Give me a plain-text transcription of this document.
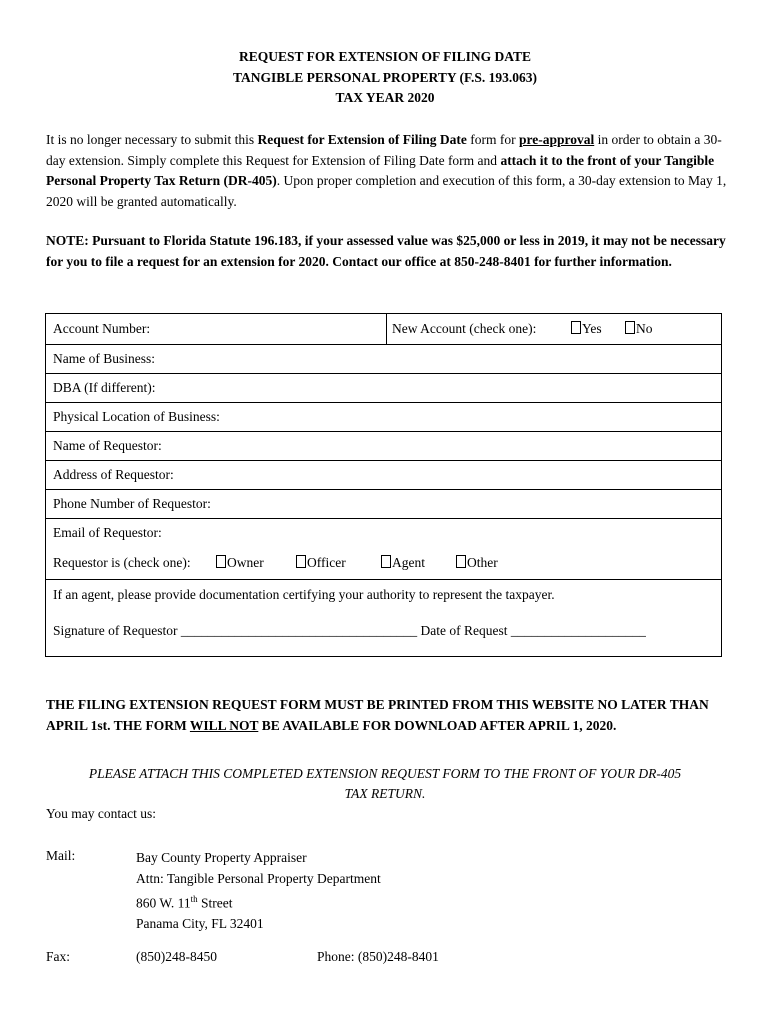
REQUEST FOR EXTENSION OF FILING DATE
TANGIBLE PERSONAL PROPERTY (F.S. 193.063)
TAX YEAR 2020
It is no longer necessary to submit this Request for Extension of Filing Date form for pre-approval in order to obtain a 30-day extension. Simply complete this Request for Extension of Filing Date form and attach it to the front of your Tangible Personal Property Tax Return (DR-405). Upon proper completion and execution of this form, a 30-day extension to May 1, 2020 will be granted automatically.
NOTE: Pursuant to Florida Statute 196.183, if your assessed value was $25,000 or less in 2019, it may not be necessary for you to file a request for an extension for 2020. Contact our office at 850-248-8401 for further information.
Account Number:	New Account (check one):	Yes	No
Name of Business:
DBA (If different):
Physical Location of Business:
Name of Requestor:
Address of Requestor:
Phone Number of Requestor:
Email of Requestor:
Requestor is (check one):	Owner	Officer	Agent	Other
If an agent, please provide documentation certifying your authority to represent the taxpayer.
Signature of Requestor ___________________________________ Date of Request ____________________
THE FILING EXTENSION REQUEST FORM MUST BE PRINTED FROM THIS WEBSITE NO LATER THAN APRIL 1st. THE FORM WILL NOT BE AVAILABLE FOR DOWNLOAD AFTER APRIL 1, 2020.
PLEASE ATTACH THIS COMPLETED EXTENSION REQUEST FORM TO THE FRONT OF YOUR DR-405
TAX RETURN.
You may contact us:
Mail:	Bay County Property Appraiser
Attn: Tangible Personal Property Department
860 W. 11th Street
Panama City, FL 32401
Fax:	(850)248-8450	Phone: (850)248-8401
